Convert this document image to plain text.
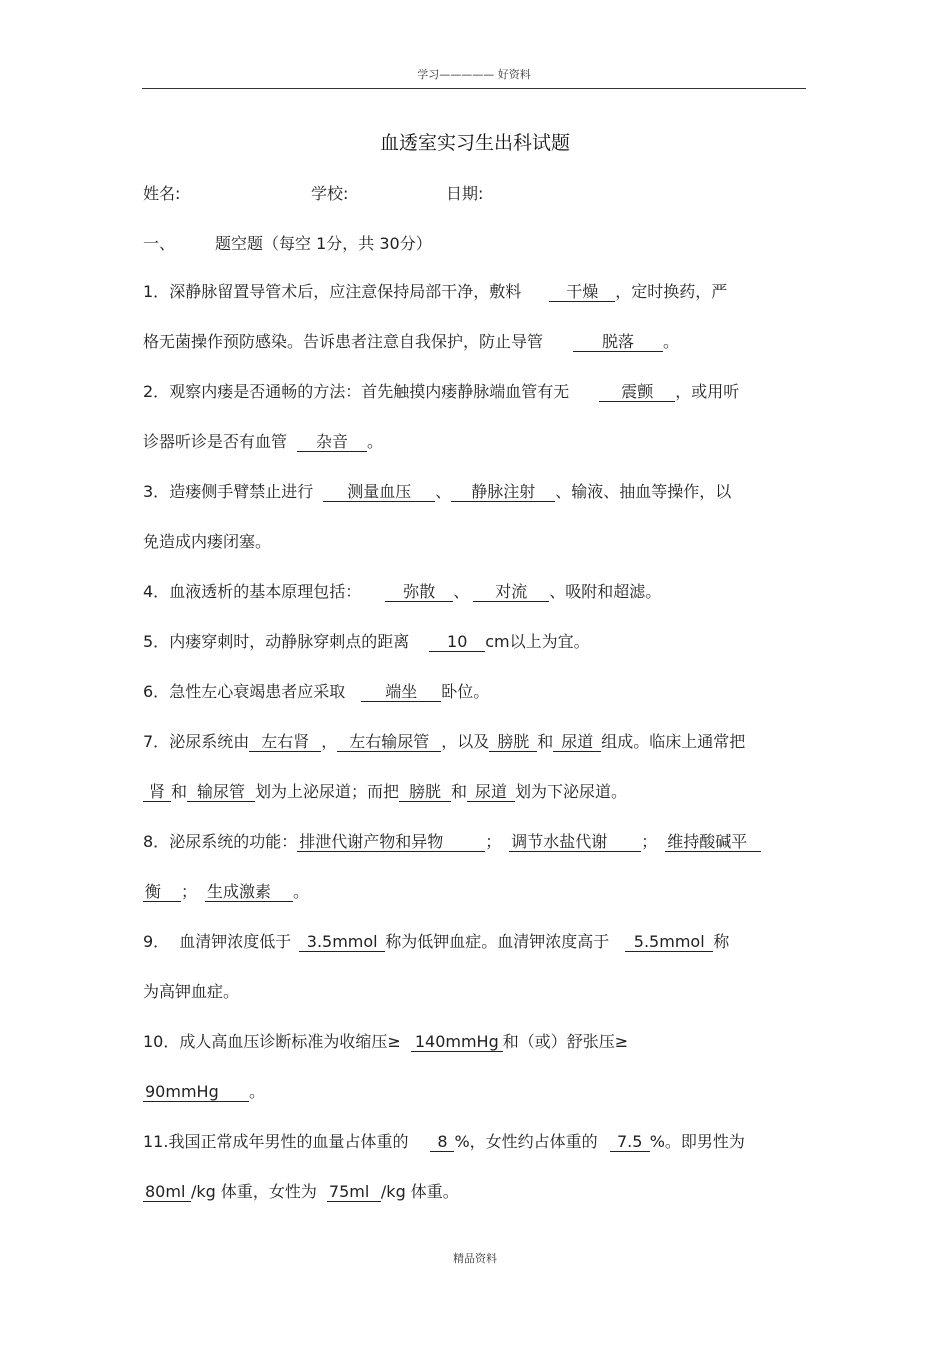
学习————— 好资料
血透室实习生出科试题
姓名:	学校:	日期:
一、	题空题（每空 1分，共 30分）
1．深静脉留置导管术后，应注意保持局部干净，敷料	干燥 ，定时换药，严
格无菌操作预防感染。告诉患者注意自我保护，防止导管	脱落 。
2．观察内瘘是否通畅的方法：首先触摸内瘘静脉端血管有无	震颤 ，或用听
诊器听诊是否有血管 杂音 。
3．造瘘侧手臂禁止进行 测量血压 、 静脉注射 、输液、抽血等操作，以
免造成内瘘闭塞。
4．血液透析的基本原理包括：	弥散 、 对流 、吸附和超滤。
5．内瘘穿刺时，动静脉穿刺点的距离 10 cm以上为宜。
6．急性左心衰竭患者应采取 端坐 卧位。
7．泌尿系统由 左右肾 ， 左右输尿管 ，以及 膀胱 和 尿道 组成。临床上通常把
肾 和 输尿管 划为上泌尿道；而把 膀胱 和 尿道 划为下泌尿道。
8．泌尿系统的功能： 排泄代谢产物和异物	； 调节水盐代谢 ； 维持酸碱平
衡 ； 生成激素 。
9． 血清钾浓度低于 3.5mmol 称为低钾血症。血清钾浓度高于 5.5mmol 称
为高钾血症。
10．成人高血压诊断标准为收缩压≥ 140mmHg 和（或）舒张压≥
90mmHg 。
11.我国正常成年男性的血量占体重的 8 %，女性约占体重的 7.5 %。即男性为
80ml /kg 体重，女性为 75ml /kg 体重。
精品资料
